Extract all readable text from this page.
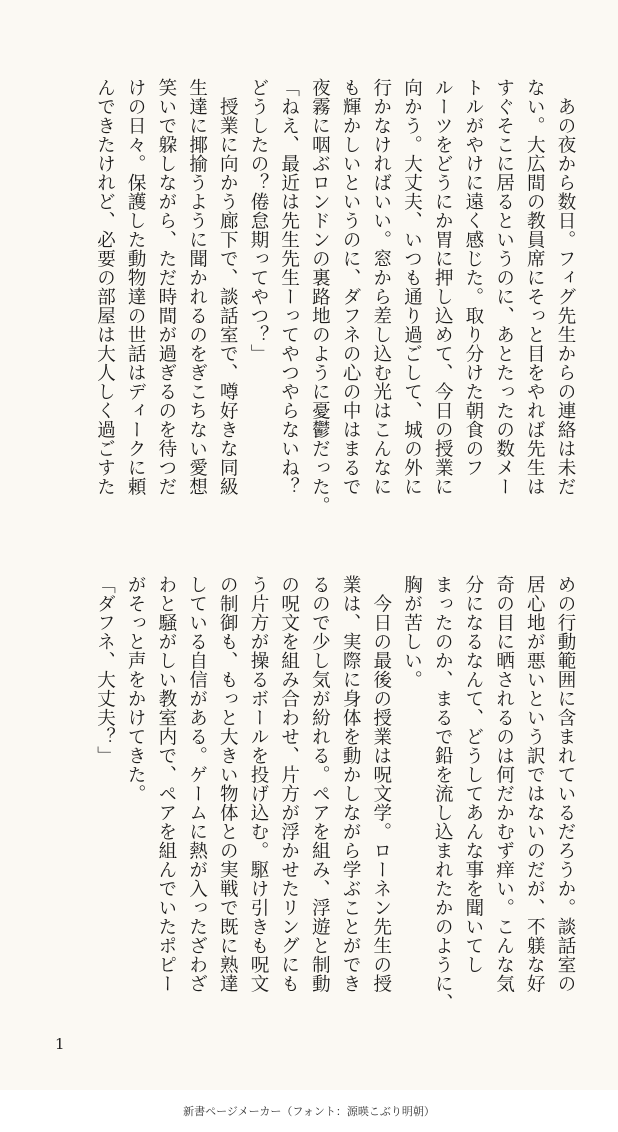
　あの夜から数日。フィグ先生からの連絡は未だ
ない。大広間の教員席にそっと目をやれば先生は
すぐそこに居るというのに、あとたったの数メー
トルがやけに遠く感じた。取り分けた朝食のフ
ルーツをどうにか胃に押し込めて、今日の授業に
向かう。大丈夫、いつも通り過ごして、城の外に
行かなければいい。窓から差し込む光はこんなに
も輝かしいというのに、ダフネの心の中はまるで
夜霧に咽ぶロンドンの裏路地のように憂鬱だった。
「ねえ、最近は先生先生ーってやつやらないね？
どうしたの？倦怠期ってやつ？」
　授業に向かう廊下で、談話室で、噂好きな同級
生達に揶揄うように聞かれるのをぎこちない愛想
笑いで躱しながら、ただ時間が過ぎるのを待つだ
けの日々。保護した動物達の世話はディークに頼
んできたけれど、必要の部屋は大人しく過ごすた
めの行動範囲に含まれているだろうか。談話室の
居心地が悪いという訳ではないのだが、不躾な好
奇の目に晒されるのは何だかむず痒い。こんな気
分になるなんて、どうしてあんな事を聞いてし
まったのか、まるで鉛を流し込まれたかのように、
胸が苦しい。
　今日の最後の授業は呪文学。ローネン先生の授
業は、実際に身体を動かしながら学ぶことができ
るので少し気が紛れる。ペアを組み、浮遊と制動
の呪文を組み合わせ、片方が浮かせたリングにも
う片方が操るボールを投げ込む。駆け引きも呪文
の制御も、もっと大きい物体との実戦で既に熟達
している自信がある。ゲームに熱が入ったざわざ
わと騒がしい教室内で、ペアを組んでいたポピー
がそっと声をかけてきた。
「ダフネ、大丈夫？」
1
新書ページメーカー（フォント：源暎こぶり明朝）
